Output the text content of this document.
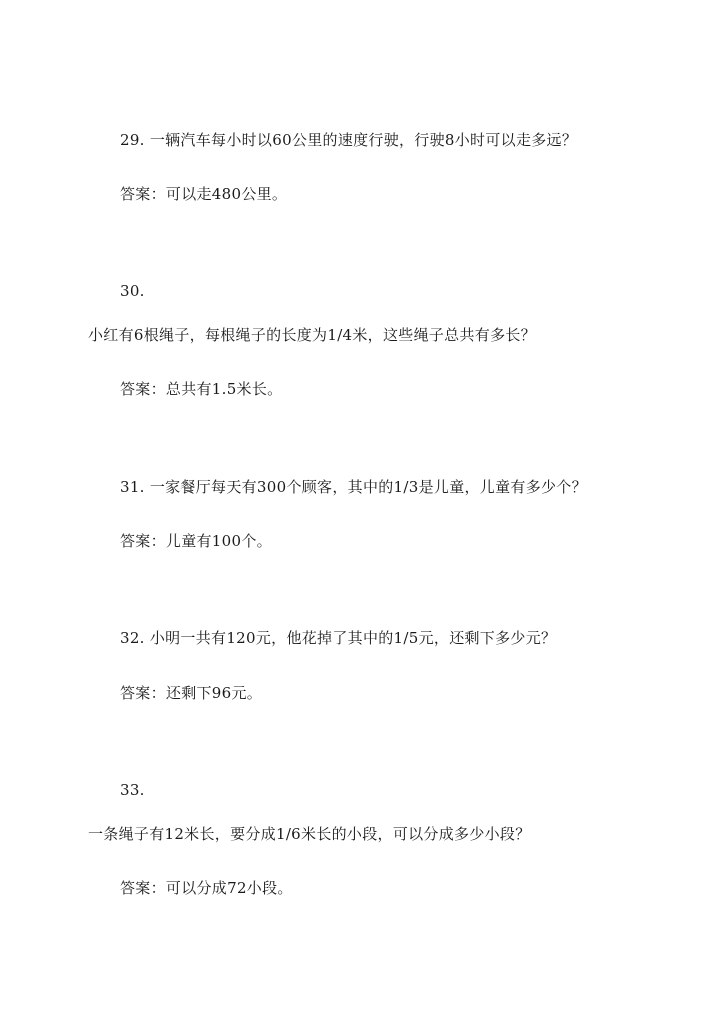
29. 一辆汽车每小时以60公里的速度行驶，行驶8小时可以走多远？
答案：可以走480公里。
30.
小红有6根绳子，每根绳子的长度为1/4米，这些绳子总共有多长？
答案：总共有1.5米长。
31. 一家餐厅每天有300个顾客，其中的1/3是儿童，儿童有多少个？
答案：儿童有100个。
32. 小明一共有120元，他花掉了其中的1/5元，还剩下多少元？
答案：还剩下96元。
33.
一条绳子有12米长，要分成1/6米长的小段，可以分成多少小段？
答案：可以分成72小段。
